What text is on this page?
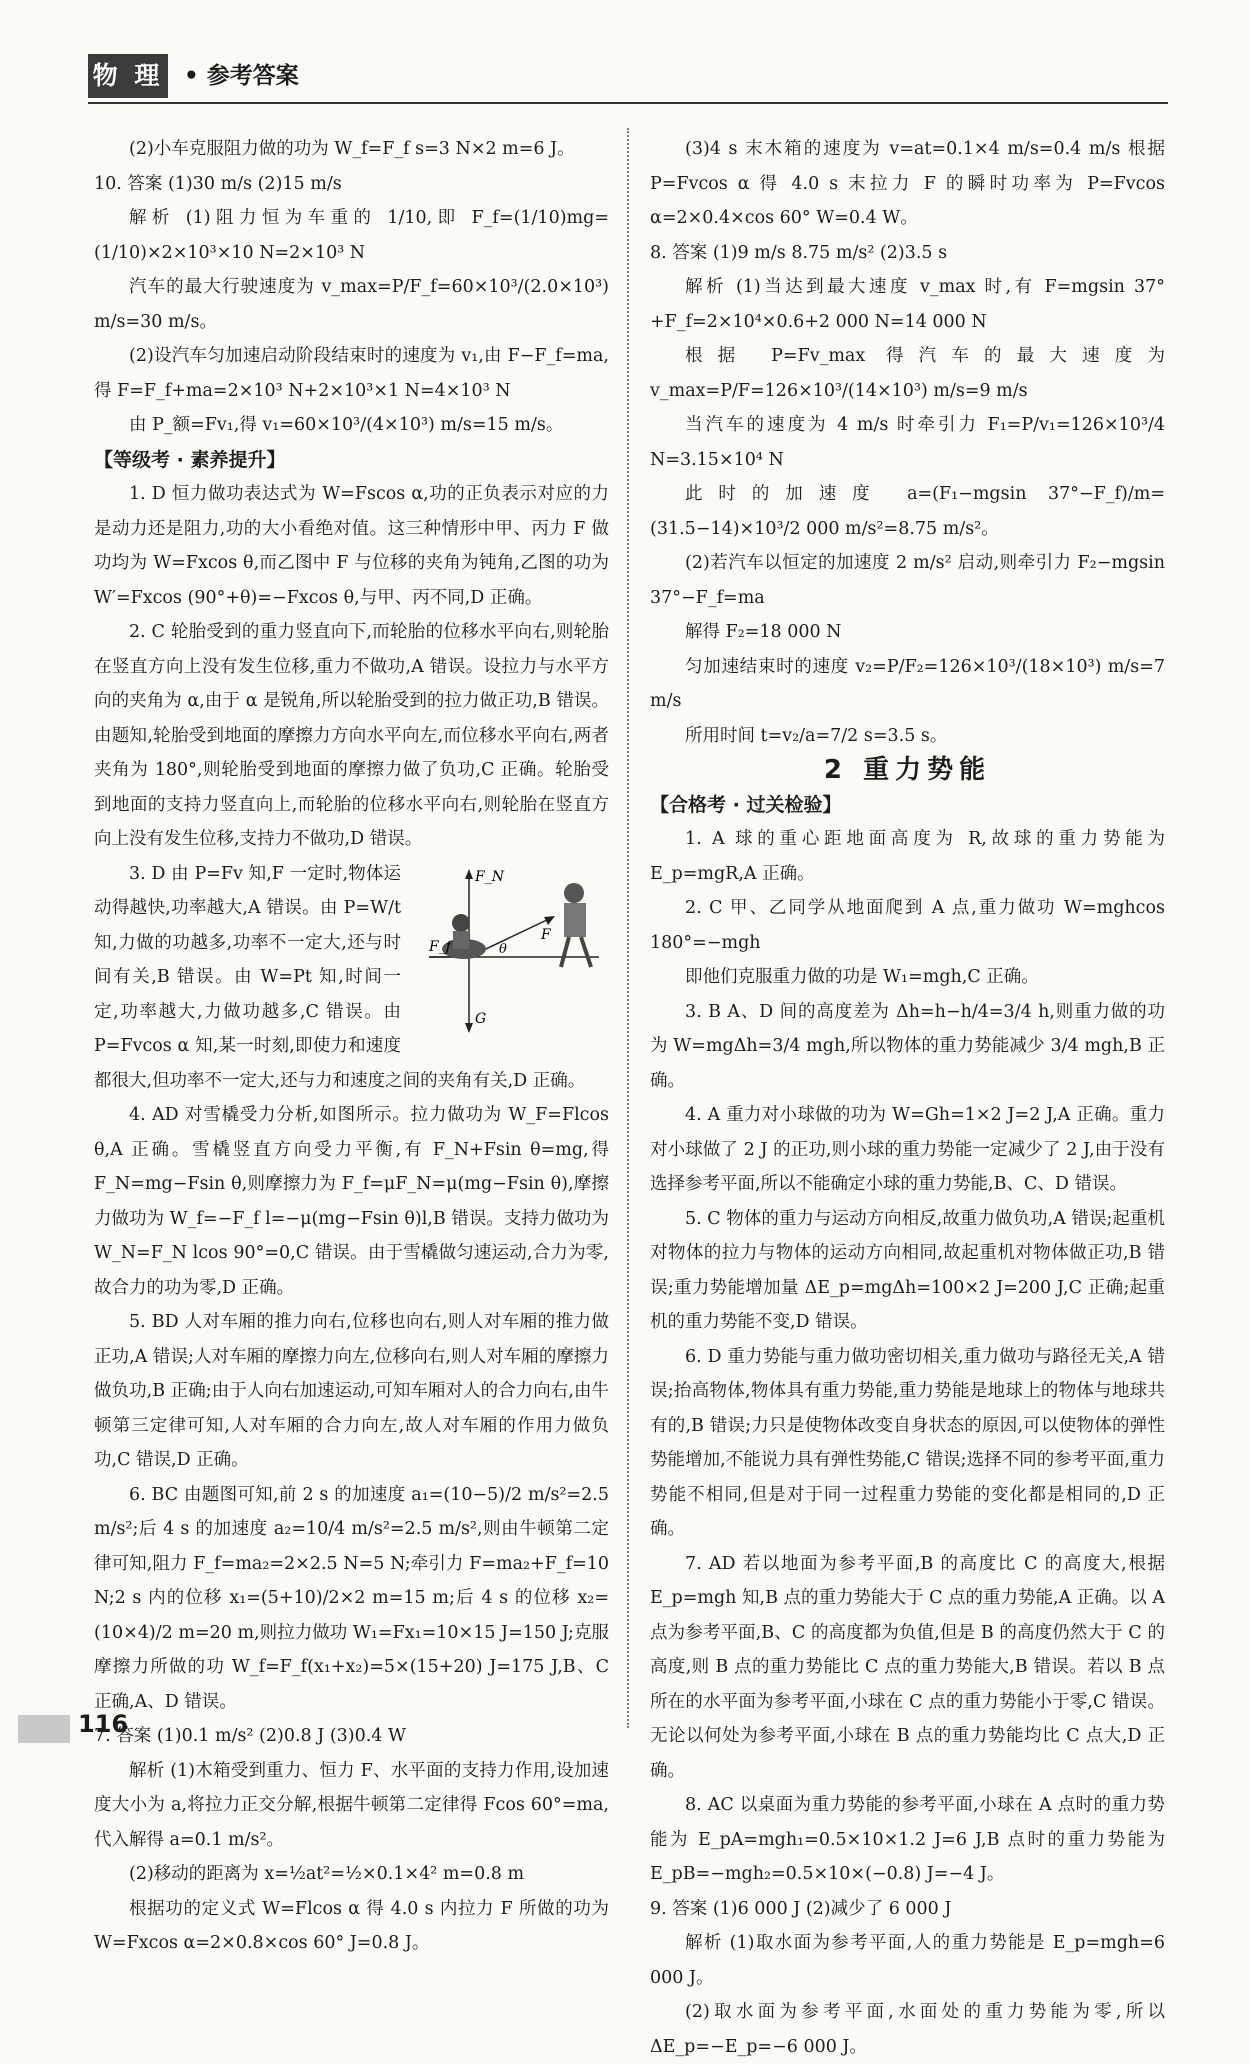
物 理 • 参考答案

(2)小车克服阻力做的功为 W_f=F_f s=3 N×2 m=6 J。

10. 答案 (1)30 m/s (2)15 m/s

解析 (1)阻力恒为车重的 1/10,即 F_f=(1/10)mg=(1/10)×2×10³×10 N=2×10³ N

汽车的最大行驶速度为 v_max=P/F_f=60×10³/(2.0×10³) m/s=30 m/s。

(2)设汽车匀加速启动阶段结束时的速度为 v₁,由 F−F_f=ma,得 F=F_f+ma=2×10³ N+2×10³×1 N=4×10³ N

由 P_额=Fv₁,得 v₁=60×10³/(4×10³) m/s=15 m/s。

【等级考 · 素养提升】

1. D 恒力做功表达式为 W=Fscos α,功的正负表示对应的力是动力还是阻力,功的大小看绝对值。这三种情形中甲、丙力 F 做功均为 W=Fxcos θ,而乙图中 F 与位移的夹角为钝角,乙图的功为 W′=Fxcos (90°+θ)=−Fxcos θ,与甲、丙不同,D 正确。

2. C 轮胎受到的重力竖直向下,而轮胎的位移水平向右,则轮胎在竖直方向上没有发生位移,重力不做功,A 错误。设拉力与水平方向的夹角为 α,由于 α 是锐角,所以轮胎受到的拉力做正功,B 错误。由题知,轮胎受到地面的摩擦力方向水平向左,而位移水平向右,两者夹角为 180°,则轮胎受到地面的摩擦力做了负功,C 正确。轮胎受到地面的支持力竖直向上,而轮胎的位移水平向右,则轮胎在竖直方向上没有发生位移,支持力不做功,D 错误。

F_N
F
F_f	θ
G

3. D 由 P=Fv 知,F 一定时,物体运动得越快,功率越大,A 错误。由 P=W/t 知,力做的功越多,功率不一定大,还与时间有关,B 错误。由 W=Pt 知,时间一定,功率越大,力做功越多,C 错误。由 P=Fvcos α 知,某一时刻,即使力和速度都很大,但功率不一定大,还与力和速度之间的夹角有关,D 正确。

4. AD 对雪橇受力分析,如图所示。拉力做功为 W_F=Flcos θ,A 正确。雪橇竖直方向受力平衡,有 F_N+Fsin θ=mg,得 F_N=mg−Fsin θ,则摩擦力为 F_f=μF_N=μ(mg−Fsin θ),摩擦力做功为 W_f=−F_f l=−μ(mg−Fsin θ)l,B 错误。支持力做功为 W_N=F_N lcos 90°=0,C 错误。由于雪橇做匀速运动,合力为零,故合力的功为零,D 正确。

5. BD 人对车厢的推力向右,位移也向右,则人对车厢的推力做正功,A 错误;人对车厢的摩擦力向左,位移向右,则人对车厢的摩擦力做负功,B 正确;由于人向右加速运动,可知车厢对人的合力向右,由牛顿第三定律可知,人对车厢的合力向左,故人对车厢的作用力做负功,C 错误,D 正确。

6. BC 由题图可知,前 2 s 的加速度 a₁=(10−5)/2 m/s²=2.5 m/s²;后 4 s 的加速度 a₂=10/4 m/s²=2.5 m/s²,则由牛顿第二定律可知,阻力 F_f=ma₂=2×2.5 N=5 N;牵引力 F=ma₂+F_f=10 N;2 s 内的位移 x₁=(5+10)/2×2 m=15 m;后 4 s 的位移 x₂=(10×4)/2 m=20 m,则拉力做功 W₁=Fx₁=10×15 J=150 J;克服摩擦力所做的功 W_f=F_f(x₁+x₂)=5×(15+20) J=175 J,B、C 正确,A、D 错误。

7. 答案 (1)0.1 m/s² (2)0.8 J (3)0.4 W

解析 (1)木箱受到重力、恒力 F、水平面的支持力作用,设加速度大小为 a,将拉力正交分解,根据牛顿第二定律得 Fcos 60°=ma,代入解得 a=0.1 m/s²。

(2)移动的距离为 x=½at²=½×0.1×4² m=0.8 m

根据功的定义式 W=Flcos α 得 4.0 s 内拉力 F 所做的功为 W=Fxcos α=2×0.8×cos 60° J=0.8 J。

(3)4 s 末木箱的速度为 v=at=0.1×4 m/s=0.4 m/s 根据 P=Fvcos α 得 4.0 s 末拉力 F 的瞬时功率为 P=Fvcos α=2×0.4×cos 60° W=0.4 W。

8. 答案 (1)9 m/s 8.75 m/s² (2)3.5 s

解析 (1)当达到最大速度 v_max 时,有 F=mgsin 37°+F_f=2×10⁴×0.6+2 000 N=14 000 N

根据 P=Fv_max 得汽车的最大速度为 v_max=P/F=126×10³/(14×10³) m/s=9 m/s

当汽车的速度为 4 m/s 时牵引力 F₁=P/v₁=126×10³/4 N=3.15×10⁴ N

此时的加速度 a=(F₁−mgsin 37°−F_f)/m=(31.5−14)×10³/2 000 m/s²=8.75 m/s²。

(2)若汽车以恒定的加速度 2 m/s² 启动,则牵引力 F₂−mgsin 37°−F_f=ma

解得 F₂=18 000 N

匀加速结束时的速度 v₂=P/F₂=126×10³/(18×10³) m/s=7 m/s

所用时间 t=v₂/a=7/2 s=3.5 s。

2 重力势能

【合格考 · 过关检验】

1. A 球的重心距地面高度为 R,故球的重力势能为 E_p=mgR,A 正确。

2. C 甲、乙同学从地面爬到 A 点,重力做功 W=mghcos 180°=−mgh

即他们克服重力做的功是 W₁=mgh,C 正确。

3. B A、D 间的高度差为 Δh=h−h/4=3/4 h,则重力做的功为 W=mgΔh=3/4 mgh,所以物体的重力势能减少 3/4 mgh,B 正确。

4. A 重力对小球做的功为 W=Gh=1×2 J=2 J,A 正确。重力对小球做了 2 J 的正功,则小球的重力势能一定减少了 2 J,由于没有选择参考平面,所以不能确定小球的重力势能,B、C、D 错误。

5. C 物体的重力与运动方向相反,故重力做负功,A 错误;起重机对物体的拉力与物体的运动方向相同,故起重机对物体做正功,B 错误;重力势能增加量 ΔE_p=mgΔh=100×2 J=200 J,C 正确;起重机的重力势能不变,D 错误。

6. D 重力势能与重力做功密切相关,重力做功与路径无关,A 错误;抬高物体,物体具有重力势能,重力势能是地球上的物体与地球共有的,B 错误;力只是使物体改变自身状态的原因,可以使物体的弹性势能增加,不能说力具有弹性势能,C 错误;选择不同的参考平面,重力势能不相同,但是对于同一过程重力势能的变化都是相同的,D 正确。

7. AD 若以地面为参考平面,B 的高度比 C 的高度大,根据 E_p=mgh 知,B 点的重力势能大于 C 点的重力势能,A 正确。以 A 点为参考平面,B、C 的高度都为负值,但是 B 的高度仍然大于 C 的高度,则 B 点的重力势能比 C 点的重力势能大,B 错误。若以 B 点所在的水平面为参考平面,小球在 C 点的重力势能小于零,C 错误。无论以何处为参考平面,小球在 B 点的重力势能均比 C 点大,D 正确。

8. AC 以桌面为重力势能的参考平面,小球在 A 点时的重力势能为 E_pA=mgh₁=0.5×10×1.2 J=6 J,B 点时的重力势能为 E_pB=−mgh₂=0.5×10×(−0.8) J=−4 J。

9. 答案 (1)6 000 J (2)减少了 6 000 J

解析 (1)取水面为参考平面,人的重力势能是 E_p=mgh=6 000 J。

(2)取水面为参考平面,水面处的重力势能为零,所以 ΔE_p=−E_p=−6 000 J。

116
